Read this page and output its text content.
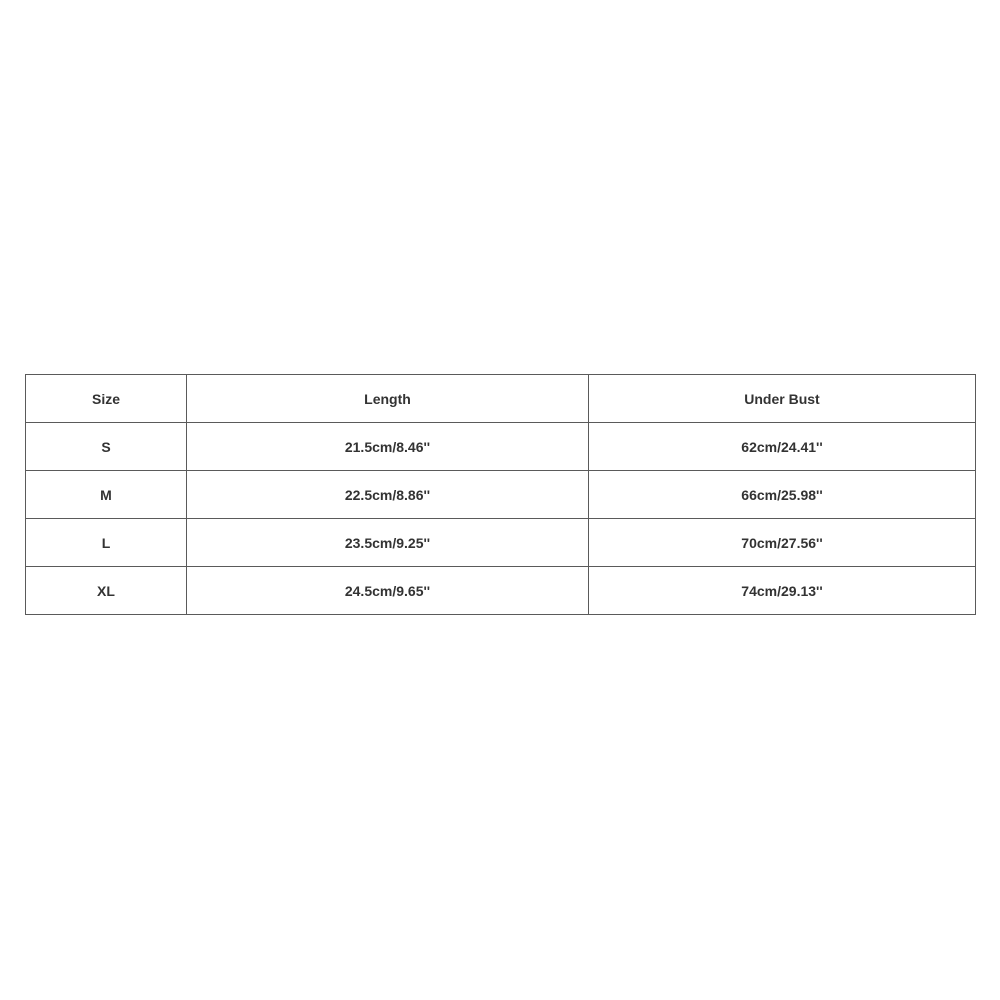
Size	Length	Under Bust
S	21.5cm/8.46''	62cm/24.41''
M	22.5cm/8.86''	66cm/25.98''
L	23.5cm/9.25''	70cm/27.56''
XL	24.5cm/9.65''	74cm/29.13''
